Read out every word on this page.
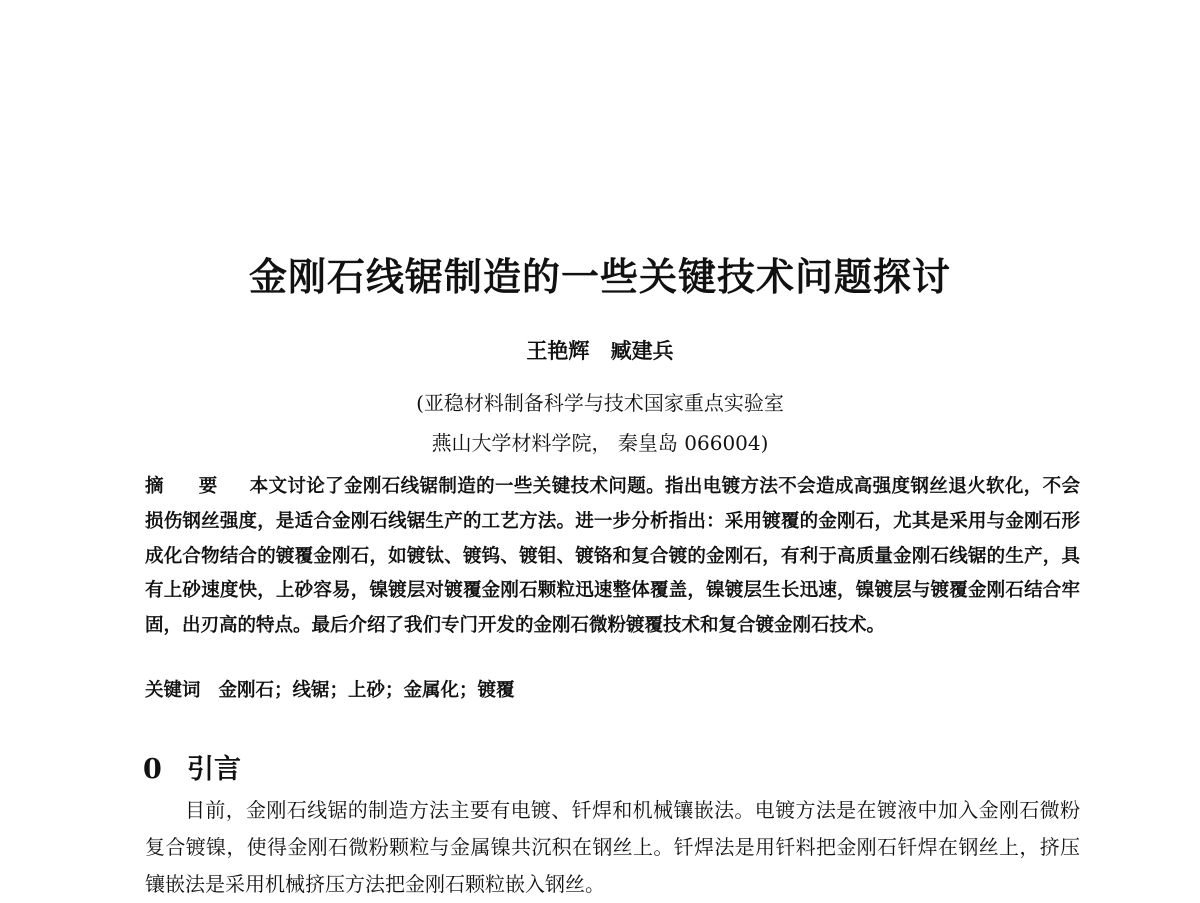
金刚石线锯制造的一些关键技术问题探讨
王艳辉 臧建兵
(亚稳材料制备科学与技术国家重点实验室
燕山大学材料学院， 秦皇岛 066004)
摘 要 本文讨论了金刚石线锯制造的一些关键技术问题。指出电镀方法不会造成高强度钢丝退火软化，不会损伤钢丝强度，是适合金刚石线锯生产的工艺方法。进一步分析指出：采用镀覆的金刚石，尤其是采用与金刚石形成化合物结合的镀覆金刚石，如镀钛、镀钨、镀钼、镀铬和复合镀的金刚石，有利于高质量金刚石线锯的生产，具有上砂速度快，上砂容易，镍镀层对镀覆金刚石颗粒迅速整体覆盖，镍镀层生长迅速，镍镀层与镀覆金刚石结合牢固，出刃高的特点。最后介绍了我们专门开发的金刚石微粉镀覆技术和复合镀金刚石技术。
关键词 金刚石；线锯；上砂；金属化；镀覆
0 引言
目前，金刚石线锯的制造方法主要有电镀、钎焊和机械镶嵌法。电镀方法是在镀液中加入金刚石微粉复合镀镍，使得金刚石微粉颗粒与金属镍共沉积在钢丝上。钎焊法是用钎料把金刚石钎焊在钢丝上，挤压镶嵌法是采用机械挤压方法把金刚石颗粒嵌入钢丝。
